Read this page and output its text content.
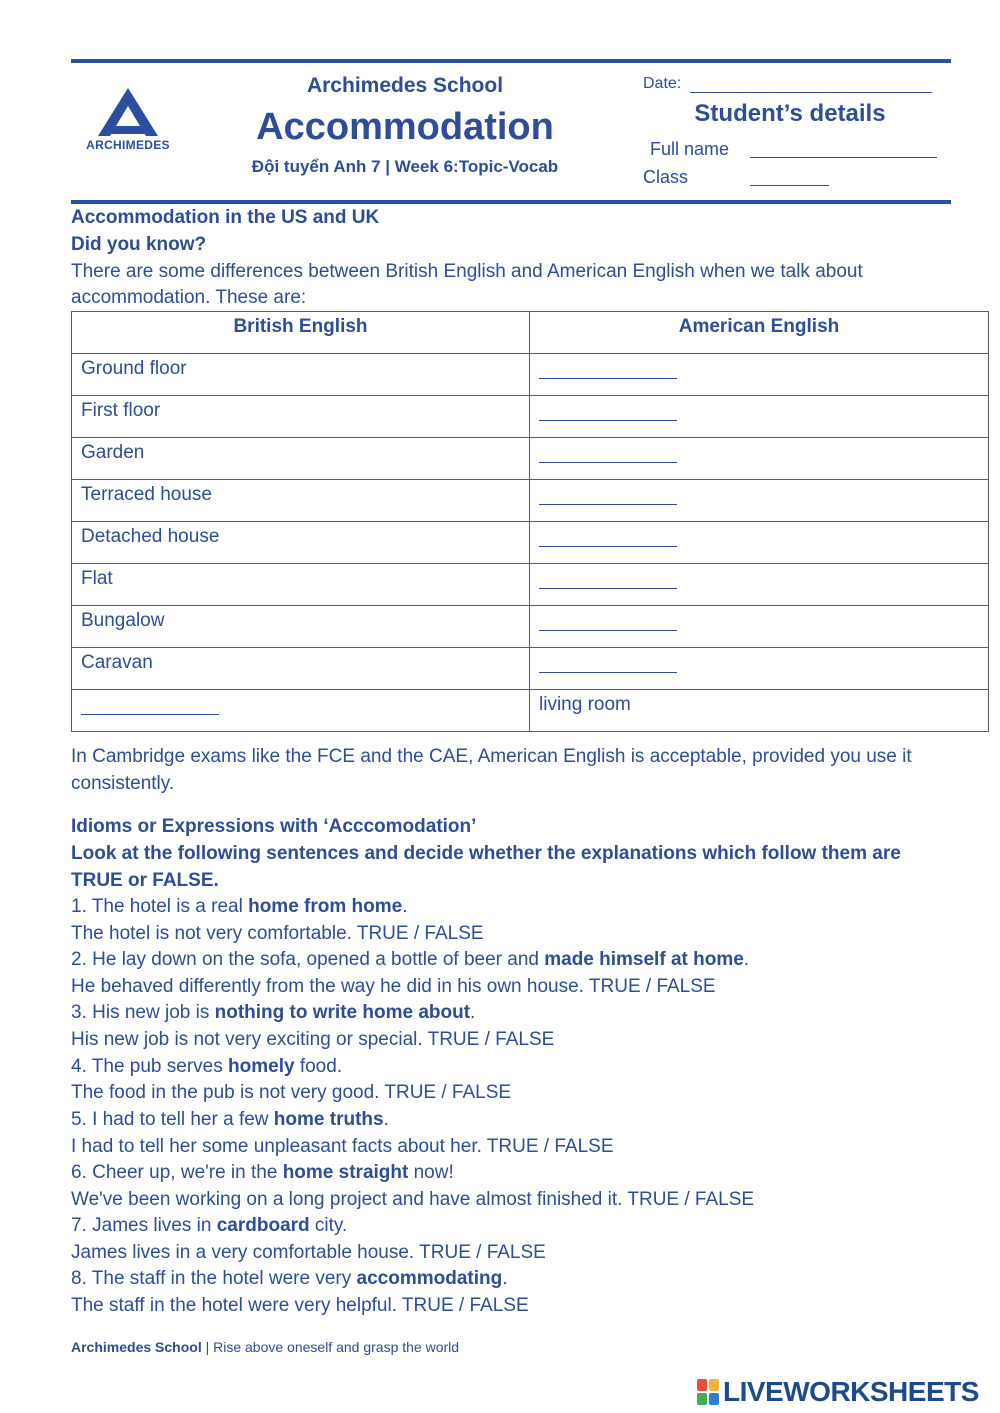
ARCHIMEDES
Archimedes School
Accommodation
Đội tuyển Anh 7 | Week 6:Topic-Vocab
Date:
Student’s details
Full name
Class
Accommodation in the US and UK
Did you know?
There are some differences between British English and American English when we talk about
accommodation. These are:
British English	American English
Ground floor	
First floor	
Garden	
Terraced house	
Detached house	
Flat	
Bungalow	
Caravan	
	living room
In Cambridge exams like the FCE and the CAE, American English is acceptable, provided you use it
consistently.
Idioms or Expressions with ‘Acccomodation’
Look at the following sentences and decide whether the explanations which follow them are
TRUE or FALSE.
1. The hotel is a real home from home.
The hotel is not very comfortable. TRUE / FALSE
2. He lay down on the sofa, opened a bottle of beer and made himself at home.
He behaved differently from the way he did in his own house. TRUE / FALSE
3. His new job is nothing to write home about.
His new job is not very exciting or special. TRUE / FALSE
4. The pub serves homely food.
The food in the pub is not very good. TRUE / FALSE
5. I had to tell her a few home truths.
I had to tell her some unpleasant facts about her. TRUE / FALSE
6. Cheer up, we're in the home straight now!
We've been working on a long project and have almost finished it. TRUE / FALSE
7. James lives in cardboard city.
James lives in a very comfortable house. TRUE / FALSE
8. The staff in the hotel were very accommodating.
The staff in the hotel were very helpful. TRUE / FALSE
Archimedes School | Rise above oneself and grasp the world
LIVEWORKSHEETS
